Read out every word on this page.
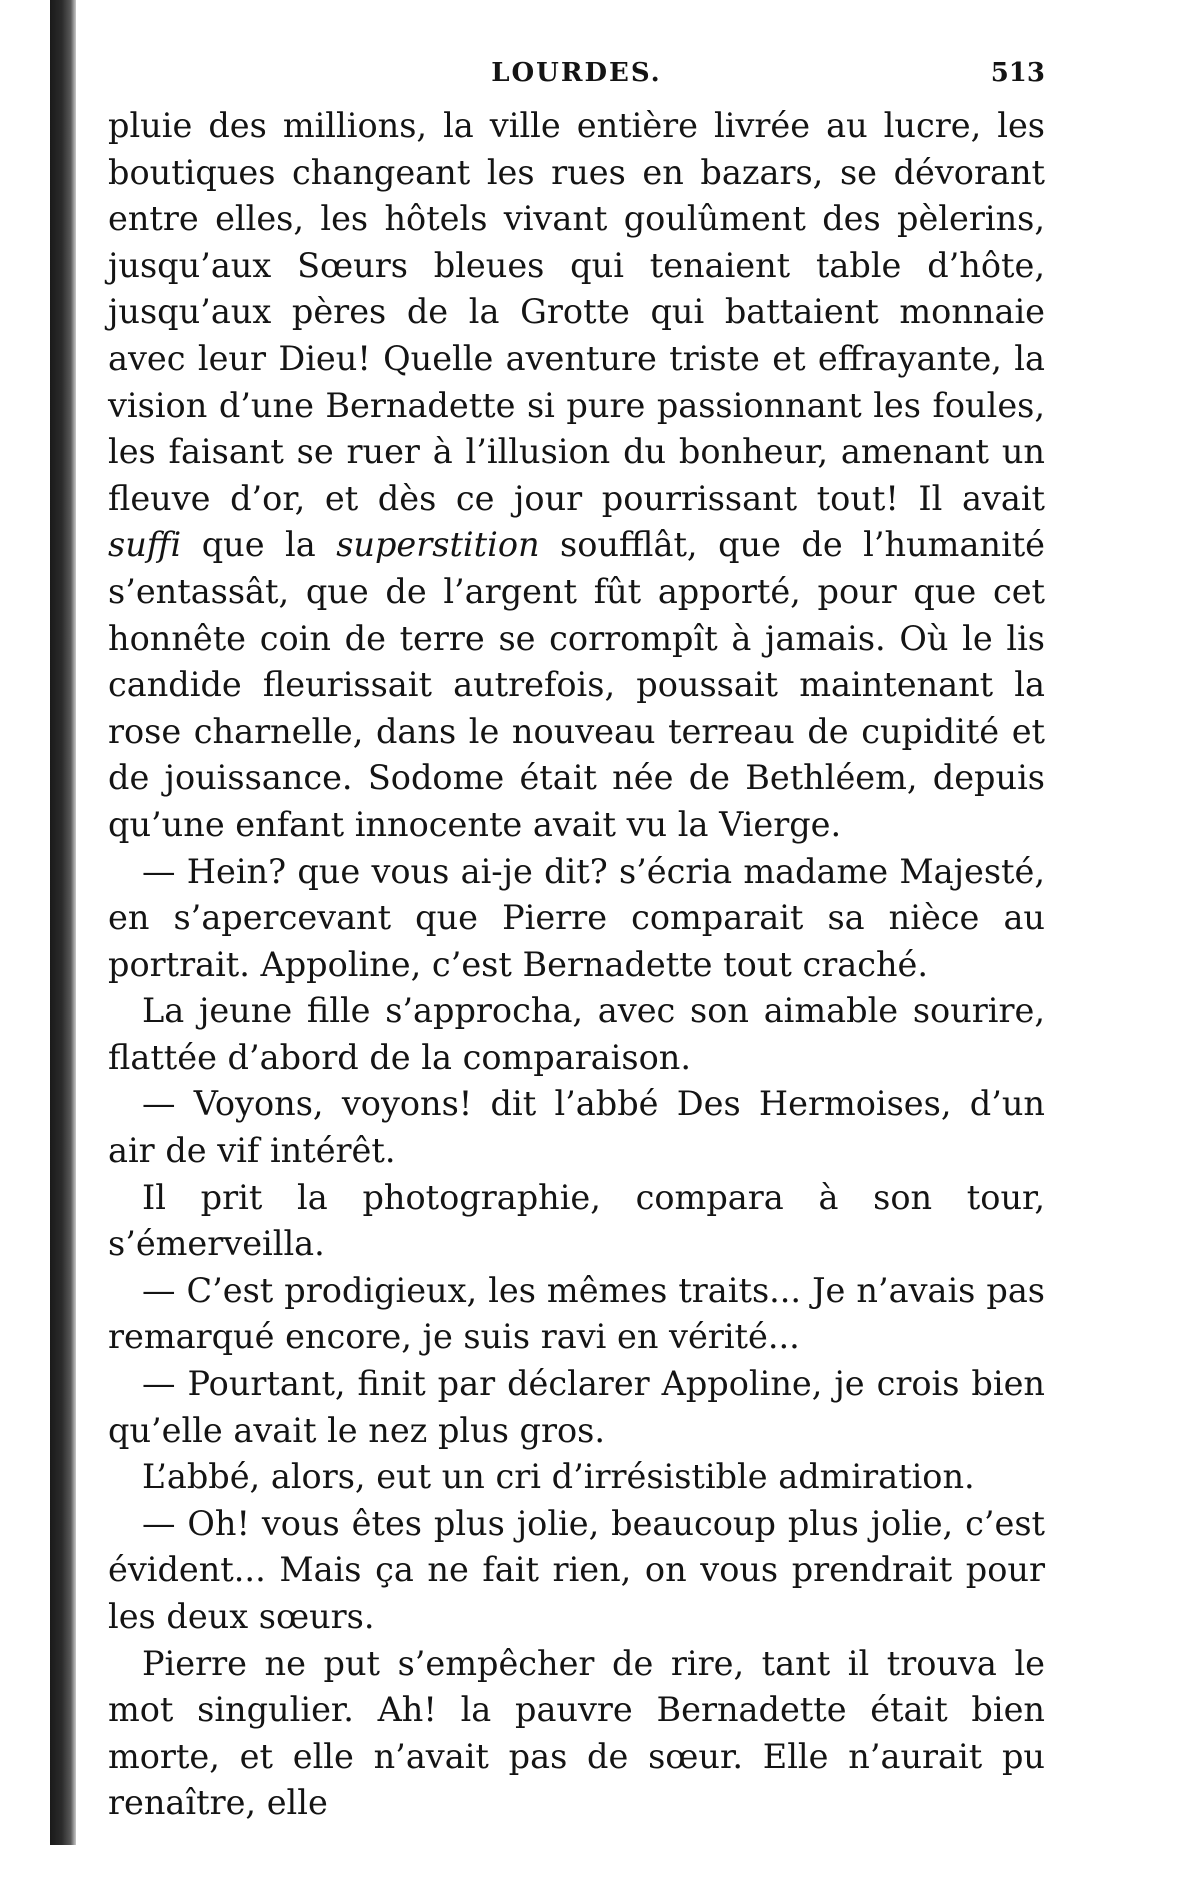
LOURDES.	513

pluie des millions, la ville entière livrée au lucre, les boutiques changeant les rues en bazars, se dévorant entre elles, les hôtels vivant goulûment des pèlerins, jusqu’aux Sœurs bleues qui tenaient table d’hôte, jusqu’aux pères de la Grotte qui battaient monnaie avec leur Dieu! Quelle aventure triste et effrayante, la vision d’une Bernadette si pure passionnant les foules, les faisant se ruer à l’illusion du bonheur, amenant un fleuve d’or, et dès ce jour pourrissant tout! Il avait suffi que la superstition soufflât, que de l’humanité s’entassât, que de l’argent fût apporté, pour que cet honnête coin de terre se corrompît à jamais. Où le lis candide fleurissait autrefois, poussait maintenant la rose charnelle, dans le nouveau terreau de cupidité et de jouissance. Sodome était née de Bethléem, depuis qu’une enfant innocente avait vu la Vierge.

— Hein? que vous ai-je dit? s’écria madame Majesté, en s’apercevant que Pierre comparait sa nièce au portrait. Appoline, c’est Bernadette tout craché.

La jeune fille s’approcha, avec son aimable sourire, flattée d’abord de la comparaison.

— Voyons, voyons! dit l’abbé Des Hermoises, d’un air de vif intérêt.

Il prit la photographie, compara à son tour, s’émerveilla.

— C’est prodigieux, les mêmes traits... Je n’avais pas remarqué encore, je suis ravi en vérité...

— Pourtant, finit par déclarer Appoline, je crois bien qu’elle avait le nez plus gros.

L’abbé, alors, eut un cri d’irrésistible admiration.

— Oh! vous êtes plus jolie, beaucoup plus jolie, c’est évident... Mais ça ne fait rien, on vous prendrait pour les deux sœurs.

Pierre ne put s’empêcher de rire, tant il trouva le mot singulier. Ah! la pauvre Bernadette était bien morte, et elle n’avait pas de sœur. Elle n’aurait pu renaître, elle
